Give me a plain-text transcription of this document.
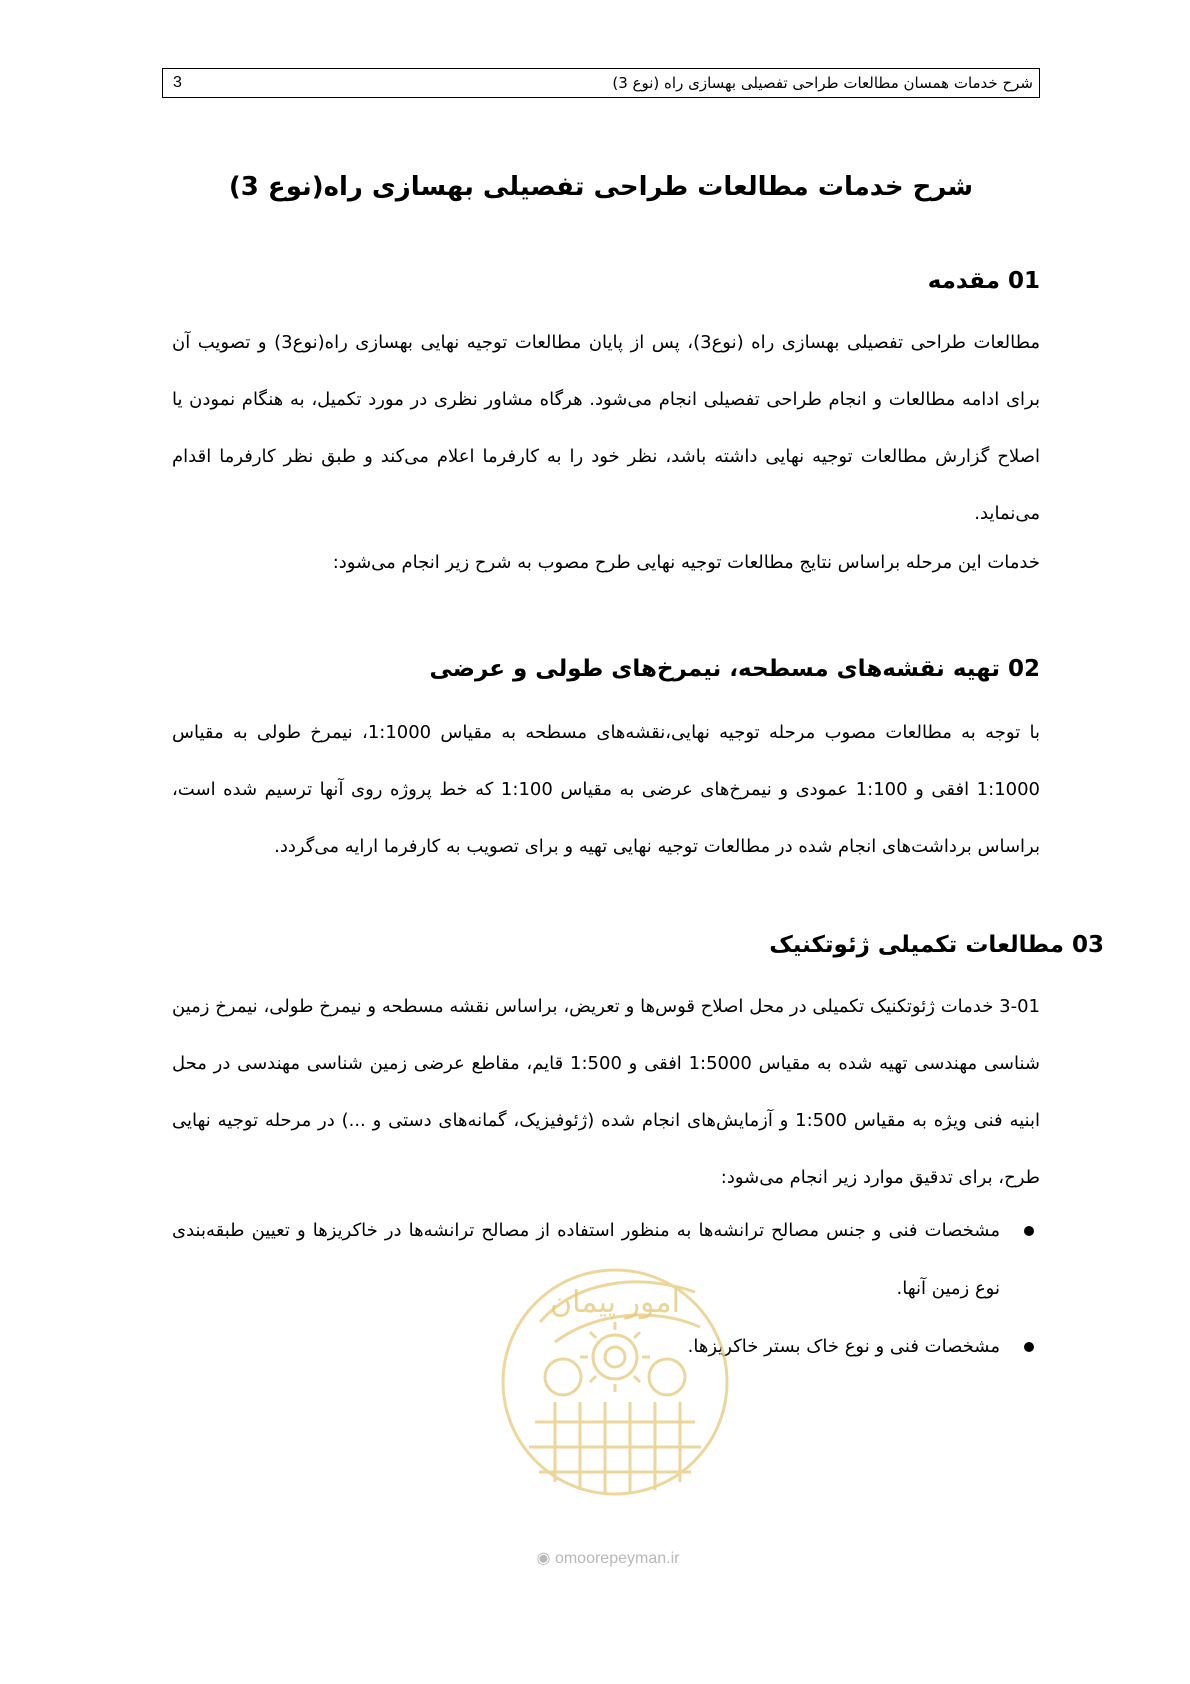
3	شرح خدمات همسان مطالعات طراحی تفصیلی بهسازی راه (نوع 3)
شرح خدمات مطالعات طراحی تفصیلی بهسازی راه(نوع 3)
01 مقدمه

مطالعات طراحی تفصیلی بهسازی راه (نوع3)، پس از پایان مطالعات توجیه نهایی بهسازی راه(نوع3) و تصویب آن برای ادامه مطالعات و انجام طراحی تفصیلی انجام می‌شود. هرگاه مشاور نظری در مورد تکمیل، به هنگام نمودن یا اصلاح گزارش مطالعات توجیه نهایی داشته باشد، نظر خود را به کارفرما اعلام می‌کند و طبق نظر کارفرما اقدام می‌نماید.

خدمات این مرحله براساس نتایج مطالعات توجیه نهایی طرح مصوب به شرح زیر انجام می‌شود:

02 تهیه نقشه‌های مسطحه، نیمرخ‌های طولی و عرضی

با توجه به مطالعات مصوب مرحله توجیه نهایی،نقشه‌های مسطحه به مقیاس 1:1000، نیمرخ طولی به مقیاس 1:1000 افقی و 1:100 عمودی و نیمرخ‌های عرضی به مقیاس 1:100 که خط پروژه روی آنها ترسیم شده است، براساس برداشت‌های انجام شده در مطالعات توجیه نهایی تهیه و برای تصویب به کارفرما ارایه می‌گردد.

03 مطالعات تکمیلی ژئوتکنیک

3-01 خدمات ژئوتکنیک تکمیلی در محل اصلاح قوس‌ها و تعریض، براساس نقشه مسطحه و نیمرخ طولی، نیمرخ زمین شناسی مهندسی تهیه شده به مقیاس 1:5000 افقی و 1:500 قایم، مقاطع عرضی زمین شناسی مهندسی در محل ابنیه فنی ویژه به مقیاس 1:500 و آزمایش‌های انجام شده (ژئوفیزیک، گمانه‌های دستی و ...) در مرحله توجیه نهایی طرح، برای تدقیق موارد زیر انجام می‌شود:

مشخصات فنی و جنس مصالح ترانشه‌ها به منظور استفاده از مصالح ترانشه‌ها در خاکریزها و تعیین طبقه‌بندی نوع زمین آنها.
مشخصات فنی و نوع خاک بستر خاکریزها.
امور پیمان
◉ omoorepeyman.ir
